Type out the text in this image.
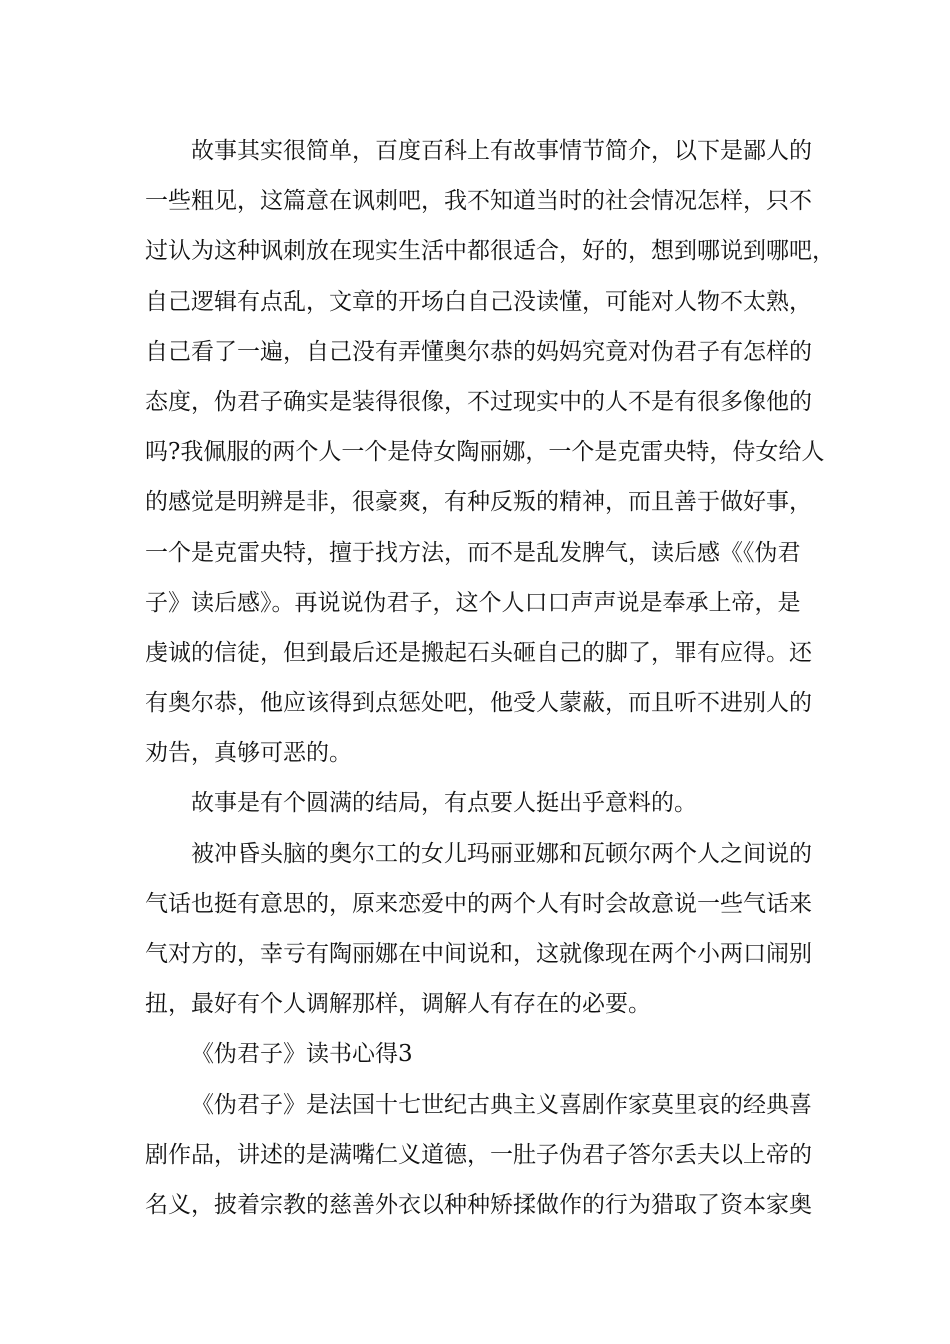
故事其实很简单，百度百科上有故事情节简介，以下是鄙人的
一些粗见，这篇意在讽刺吧，我不知道当时的社会情况怎样，只不
过认为这种讽刺放在现实生活中都很适合，好的，想到哪说到哪吧，
自己逻辑有点乱，文章的开场白自己没读懂，可能对人物不太熟，
自己看了一遍，自己没有弄懂奥尔恭的妈妈究竟对伪君子有怎样的
态度，伪君子确实是装得很像，不过现实中的人不是有很多像他的
吗?我佩服的两个人一个是侍女陶丽娜，一个是克雷央特，侍女给人
的感觉是明辨是非，很豪爽，有种反叛的精神，而且善于做好事，
一个是克雷央特，擅于找方法，而不是乱发脾气，读后感《《伪君
子》读后感》。再说说伪君子，这个人口口声声说是奉承上帝，是
虔诚的信徒，但到最后还是搬起石头砸自己的脚了，罪有应得。还
有奥尔恭，他应该得到点惩处吧，他受人蒙蔽，而且听不进别人的
劝告，真够可恶的。
故事是有个圆满的结局，有点要人挺出乎意料的。
被冲昏头脑的奥尔工的女儿玛丽亚娜和瓦顿尔两个人之间说的
气话也挺有意思的，原来恋爱中的两个人有时会故意说一些气话来
气对方的，幸亏有陶丽娜在中间说和，这就像现在两个小两口闹别
扭，最好有个人调解那样，调解人有存在的必要。
《伪君子》读书心得3
《伪君子》是法国十七世纪古典主义喜剧作家莫里哀的经典喜
剧作品，讲述的是满嘴仁义道德，一肚子伪君子答尔丢夫以上帝的
名义，披着宗教的慈善外衣以种种矫揉做作的行为猎取了资本家奥
